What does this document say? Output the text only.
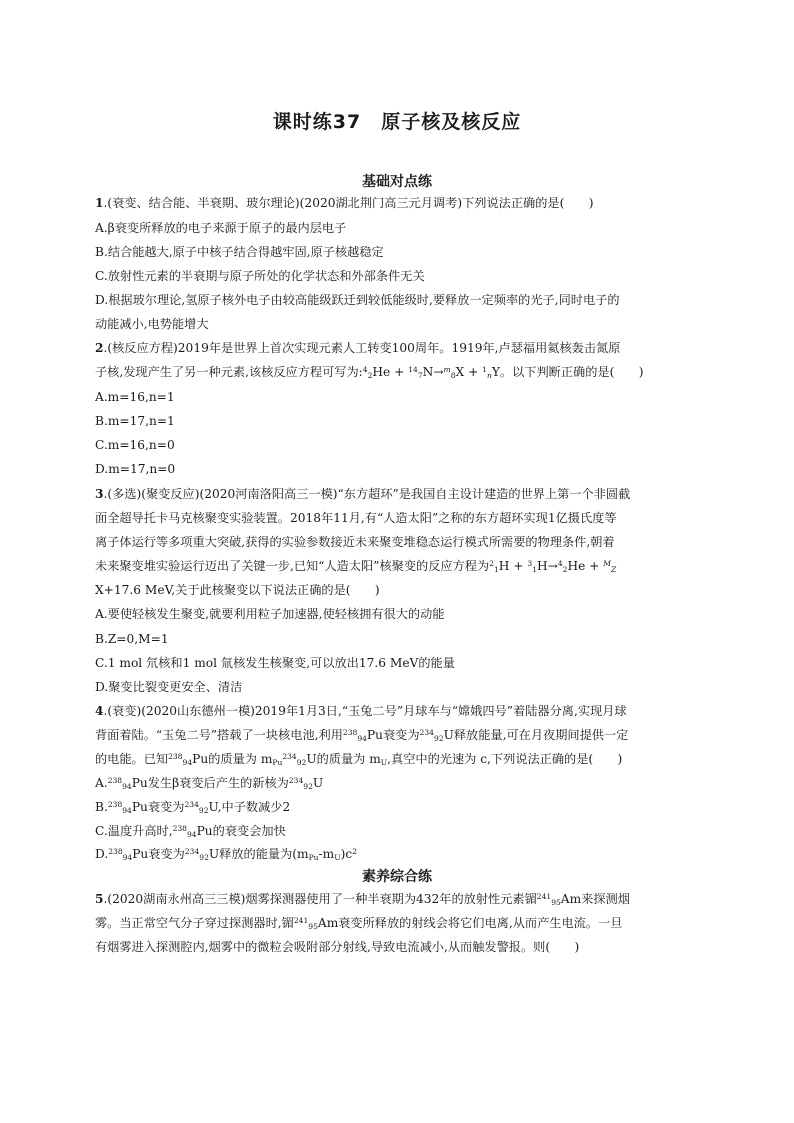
课时练37　原子核及核反应
基础对点练
1.(衰变、结合能、半衰期、玻尔理论)(2020湖北荆门高三元月调考)下列说法正确的是(　　)
A.β衰变所释放的电子来源于原子的最内层电子
B.结合能越大,原子中核子结合得越牢固,原子核越稳定
C.放射性元素的半衰期与原子所处的化学状态和外部条件无关
D.根据玻尔理论,氢原子核外电子由较高能级跃迁到较低能级时,要释放一定频率的光子,同时电子的
动能减小,电势能增大
2.(核反应方程)2019年是世界上首次实现元素人工转变100周年。1919年,卢瑟福用氦核轰击氮原
子核,发现产生了另一种元素,该核反应方程可写为:42He + 147N→m8X + 1nY。以下判断正确的是(　　)
A.m=16,n=1
B.m=17,n=1
C.m=16,n=0
D.m=17,n=0
3.(多选)(聚变反应)(2020河南洛阳高三一模)“东方超环”是我国自主设计建造的世界上第一个非圆截
面全超导托卡马克核聚变实验装置。2018年11月,有“人造太阳”之称的东方超环实现1亿摄氏度等
离子体运行等多项重大突破,获得的实验参数接近未来聚变堆稳态运行模式所需要的物理条件,朝着
未来聚变堆实验运行迈出了关键一步,已知“人造太阳”核聚变的反应方程为21H + 31H→42He + MZ
X+17.6 MeV,关于此核聚变以下说法正确的是(　　)
A.要使轻核发生聚变,就要利用粒子加速器,使轻核拥有很大的动能
B.Z=0,M=1
C.1 mol 氘核和1 mol 氚核发生核聚变,可以放出17.6 MeV的能量
D.聚变比裂变更安全、清洁
4.(衰变)(2020山东德州一模)2019年1月3日,“玉兔二号”月球车与“嫦娥四号”着陆器分离,实现月球
背面着陆。“玉兔二号”搭载了一块核电池,利用23894Pu衰变为23492U释放能量,可在月夜期间提供一定
的电能。已知23894Pu的质量为 mPu23492U的质量为 mU,真空中的光速为 c,下列说法正确的是(　　)
A.23894Pu发生β衰变后产生的新核为23492U
B.23894Pu衰变为23492U,中子数减少2
C.温度升高时,23894Pu的衰变会加快
D.23894Pu衰变为23492U释放的能量为(mPu-mU)c2
素养综合练
5.(2020湖南永州高三三模)烟雾探测器使用了一种半衰期为432年的放射性元素镅24195Am来探测烟
雾。当正常空气分子穿过探测器时,镅24195Am衰变所释放的射线会将它们电离,从而产生电流。一旦
有烟雾进入探测腔内,烟雾中的微粒会吸附部分射线,导致电流减小,从而触发警报。则(　　)
